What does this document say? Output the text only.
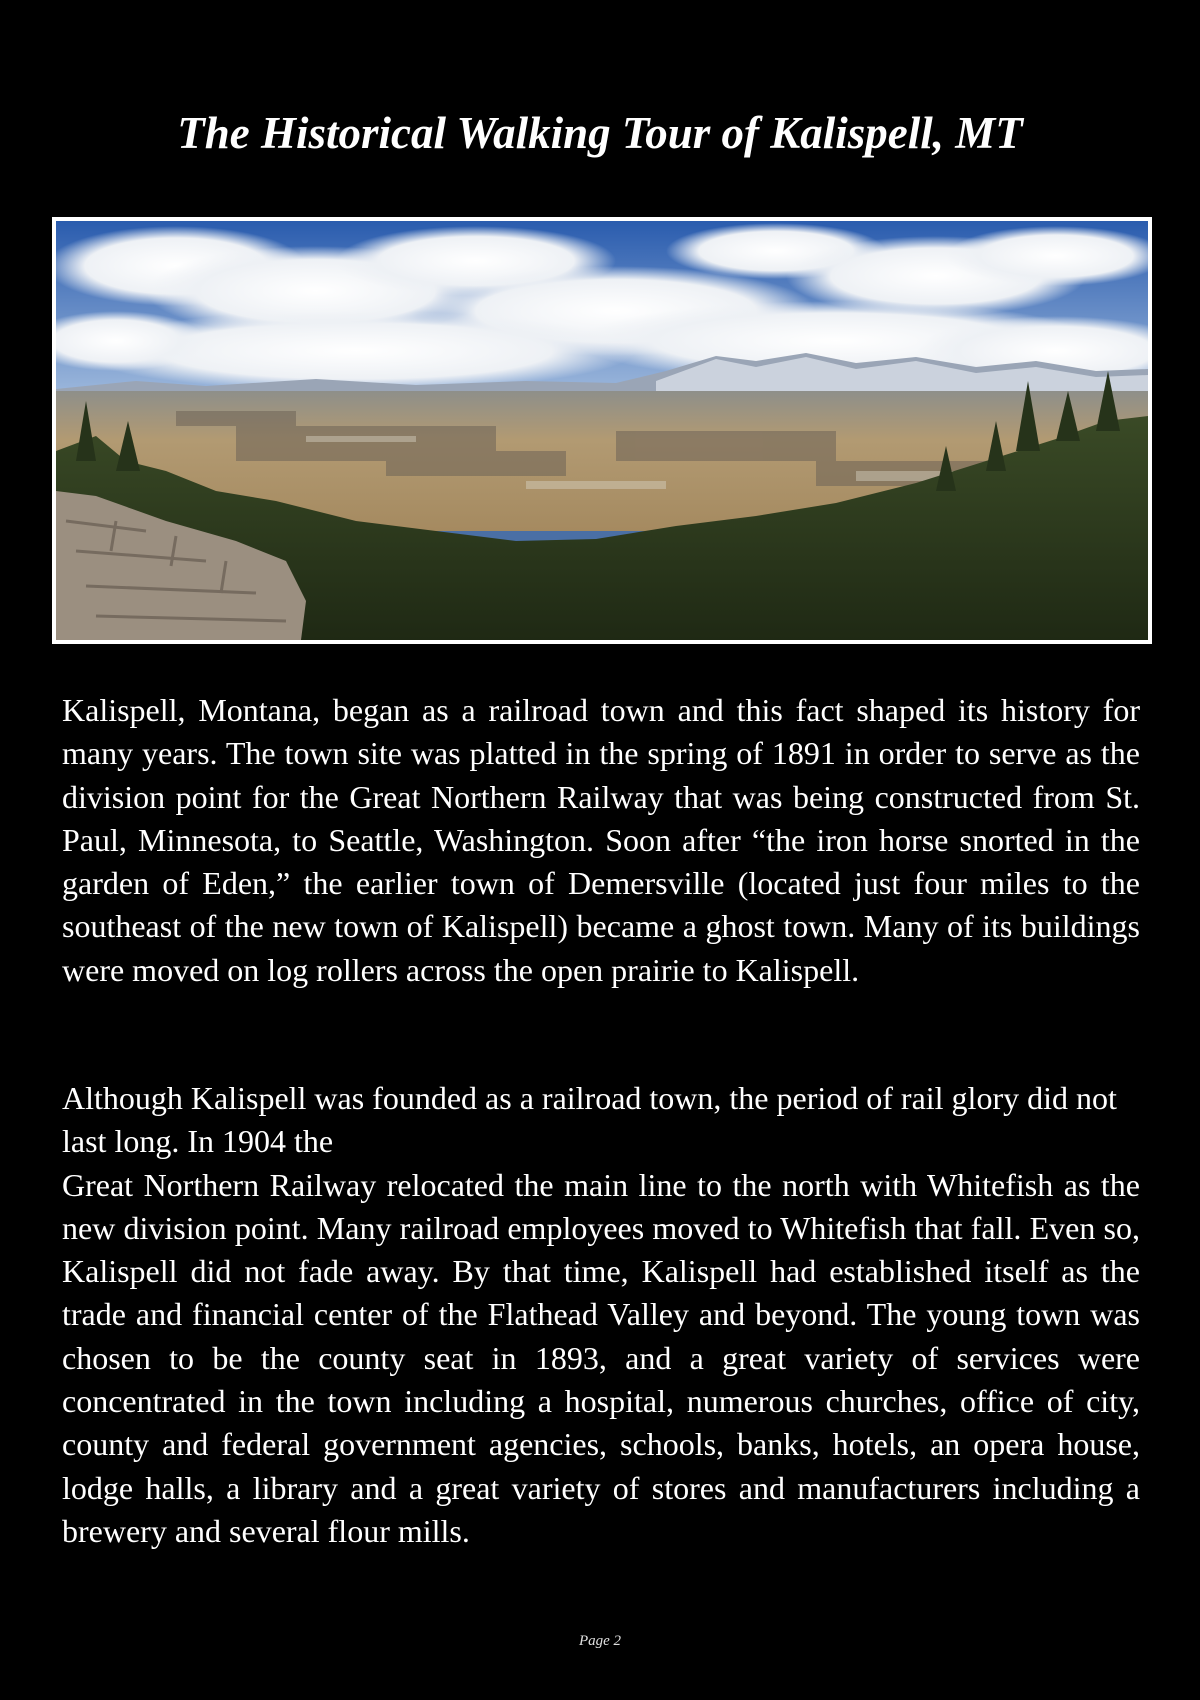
The Historical Walking Tour of Kalispell, MT

Kalispell, Montana, began as a railroad town and this fact shaped its history for many years. The town site was platted in the spring of 1891 in order to serve as the division point for the Great Northern Railway that was being constructed from St. Paul, Minnesota, to Seattle, Washington. Soon after “the iron horse snorted in the garden of Eden,” the earlier town of Demersville (located just four miles to the southeast of the new town of Kalispell) became a ghost town. Many of its buildings were moved on log rollers across the open prairie to Kalispell.

Although Kalispell was founded as a railroad town, the period of rail glory did not last long. In 1904 the
Great Northern Railway relocated the main line to the north with Whitefish as the new division point. Many railroad employees moved to Whitefish that fall. Even so, Kalispell did not fade away. By that time, Kalispell had established itself as the trade and financial center of the Flathead Valley and beyond. The young town was chosen to be the county seat in 1893, and a great variety of services were concentrated in the town including a hospital, numerous churches, office of city, county and federal government agencies, schools, banks, hotels, an opera house, lodge halls, a library and a great variety of stores and manufacturers including a brewery and several flour mills.
Page 2
